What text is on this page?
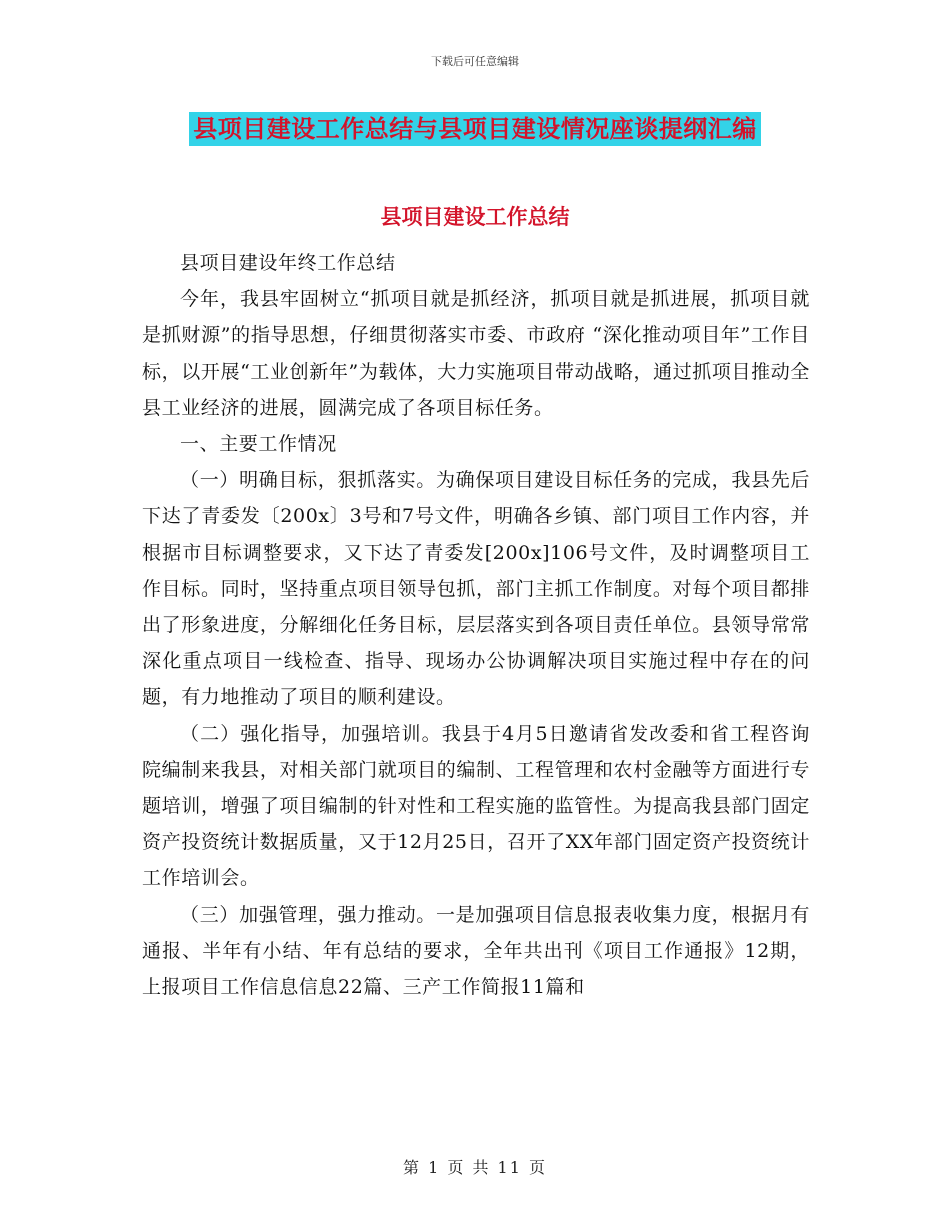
下载后可任意编辑
县项目建设工作总结与县项目建设情况座谈提纲汇编
县项目建设工作总结

县项目建设年终工作总结

今年，我县牢固树立“抓项目就是抓经济，抓项目就是抓进展，抓项目就是抓财源”的指导思想，仔细贯彻落实市委、市政府 “深化推动项目年”工作目标，以开展“工业创新年”为载体，大力实施项目带动战略，通过抓项目推动全县工业经济的进展，圆满完成了各项目标任务。

一、主要工作情况

（一）明确目标，狠抓落实。为确保项目建设目标任务的完成，我县先后下达了青委发〔200x〕3号和7号文件，明确各乡镇、部门项目工作内容，并根据市目标调整要求，又下达了青委发[200x]106号文件，及时调整项目工作目标。同时，坚持重点项目领导包抓，部门主抓工作制度。对每个项目都排出了形象进度，分解细化任务目标，层层落实到各项目责任单位。县领导常常深化重点项目一线检查、指导、现场办公协调解决项目实施过程中存在的问题，有力地推动了项目的顺利建设。

（二）强化指导，加强培训。我县于4月5日邀请省发改委和省工程咨询院编制来我县，对相关部门就项目的编制、工程管理和农村金融等方面进行专题培训，增强了项目编制的针对性和工程实施的监管性。为提高我县部门固定资产投资统计数据质量，又于12月25日，召开了XX年部门固定资产投资统计工作培训会。

（三）加强管理，强力推动。一是加强项目信息报表收集力度，根据月有通报、半年有小结、年有总结的要求，全年共出刊《项目工作通报》12期，上报项目工作信息信息22篇、三产工作简报11篇和

第 1 页 共 11 页
